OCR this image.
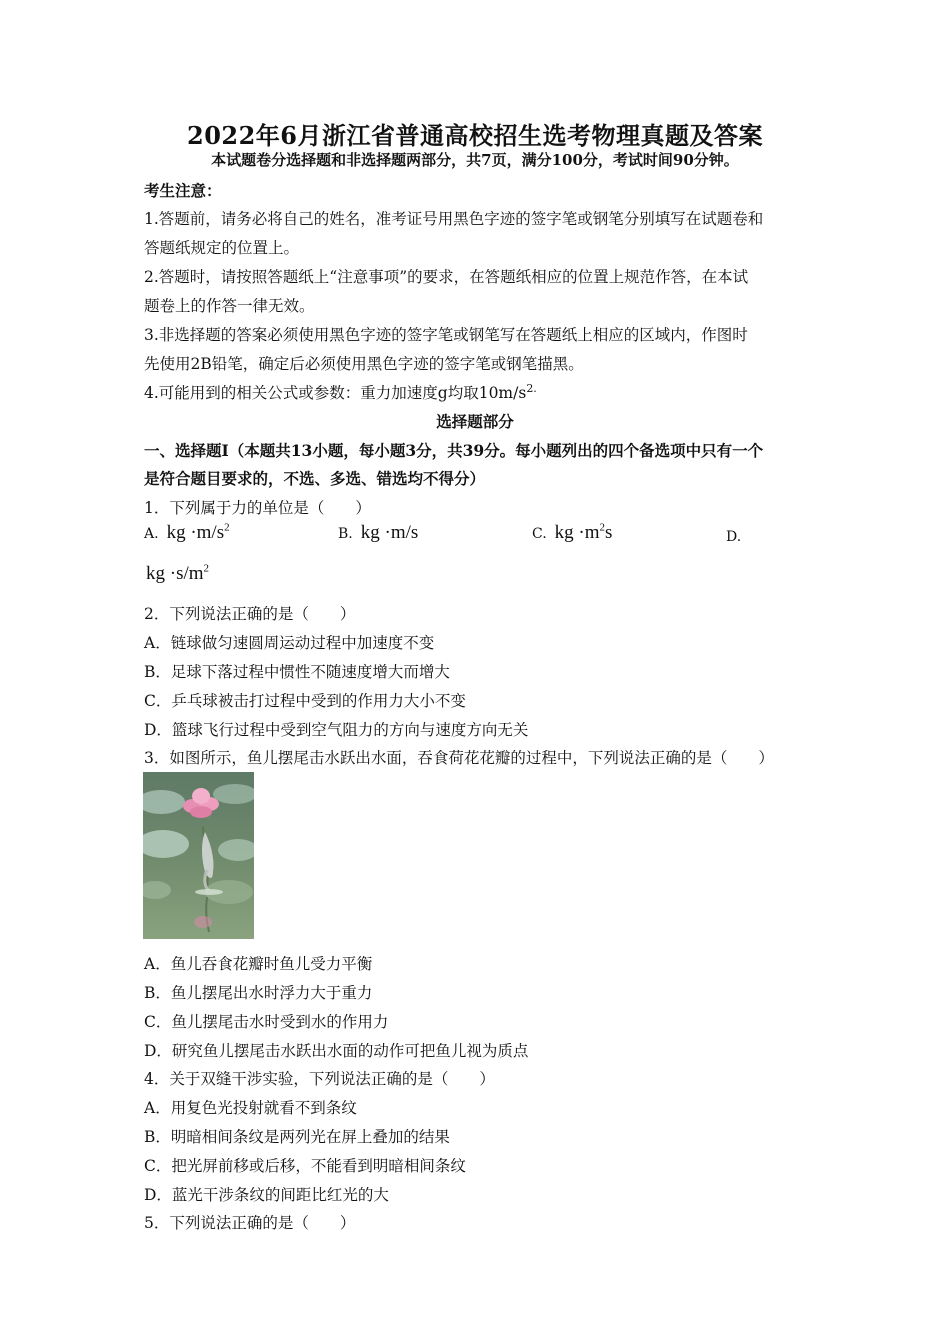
2022年6月浙江省普通高校招生选考物理真题及答案
本试题卷分选择题和非选择题两部分，共7页，满分100分，考试时间90分钟。
考生注意：
1.答题前，请务必将自己的姓名，准考证号用黑色字迹的签字笔或钢笔分别填写在试题卷和
答题纸规定的位置上。
2.答题时，请按照答题纸上“注意事项”的要求，在答题纸相应的位置上规范作答，在本试
题卷上的作答一律无效。
3.非选择题的答案必须使用黑色字迹的签字笔或钢笔写在答题纸上相应的区域内，作图时
先使用2B铅笔，确定后必须使用黑色字迹的签字笔或钢笔描黑。
4.可能用到的相关公式或参数：重力加速度g均取$10m/s^{2.}$
选择题部分
一、选择题Ⅰ（本题共13小题，每小题3分，共39分。每小题列出的四个备选项中只有一个
是符合题目要求的，不选、多选、错选均不得分）
1．下列属于力的单位是（　　）
A. kg $\cdot m/s^2$	B. kg ·m/s	C. kg $\cdot m^2s$	D.
kg $\cdot s/m^2$
2．下列说法正确的是（　　）
A．链球做匀速圆周运动过程中加速度不变
B．足球下落过程中惯性不随速度增大而增大
C．乒乓球被击打过程中受到的作用力大小不变
D．篮球飞行过程中受到空气阻力的方向与速度方向无关
3．如图所示，鱼儿摆尾击水跃出水面，吞食荷花花瓣的过程中，下列说法正确的是（　　）
A．鱼儿吞食花瓣时鱼儿受力平衡
B．鱼儿摆尾出水时浮力大于重力
C．鱼儿摆尾击水时受到水的作用力
D．研究鱼儿摆尾击水跃出水面的动作可把鱼儿视为质点
4．关于双缝干涉实验，下列说法正确的是（　　）
A．用复色光投射就看不到条纹
B．明暗相间条纹是两列光在屏上叠加的结果
C．把光屏前移或后移，不能看到明暗相间条纹
D．蓝光干涉条纹的间距比红光的大
5．下列说法正确的是（　　）
